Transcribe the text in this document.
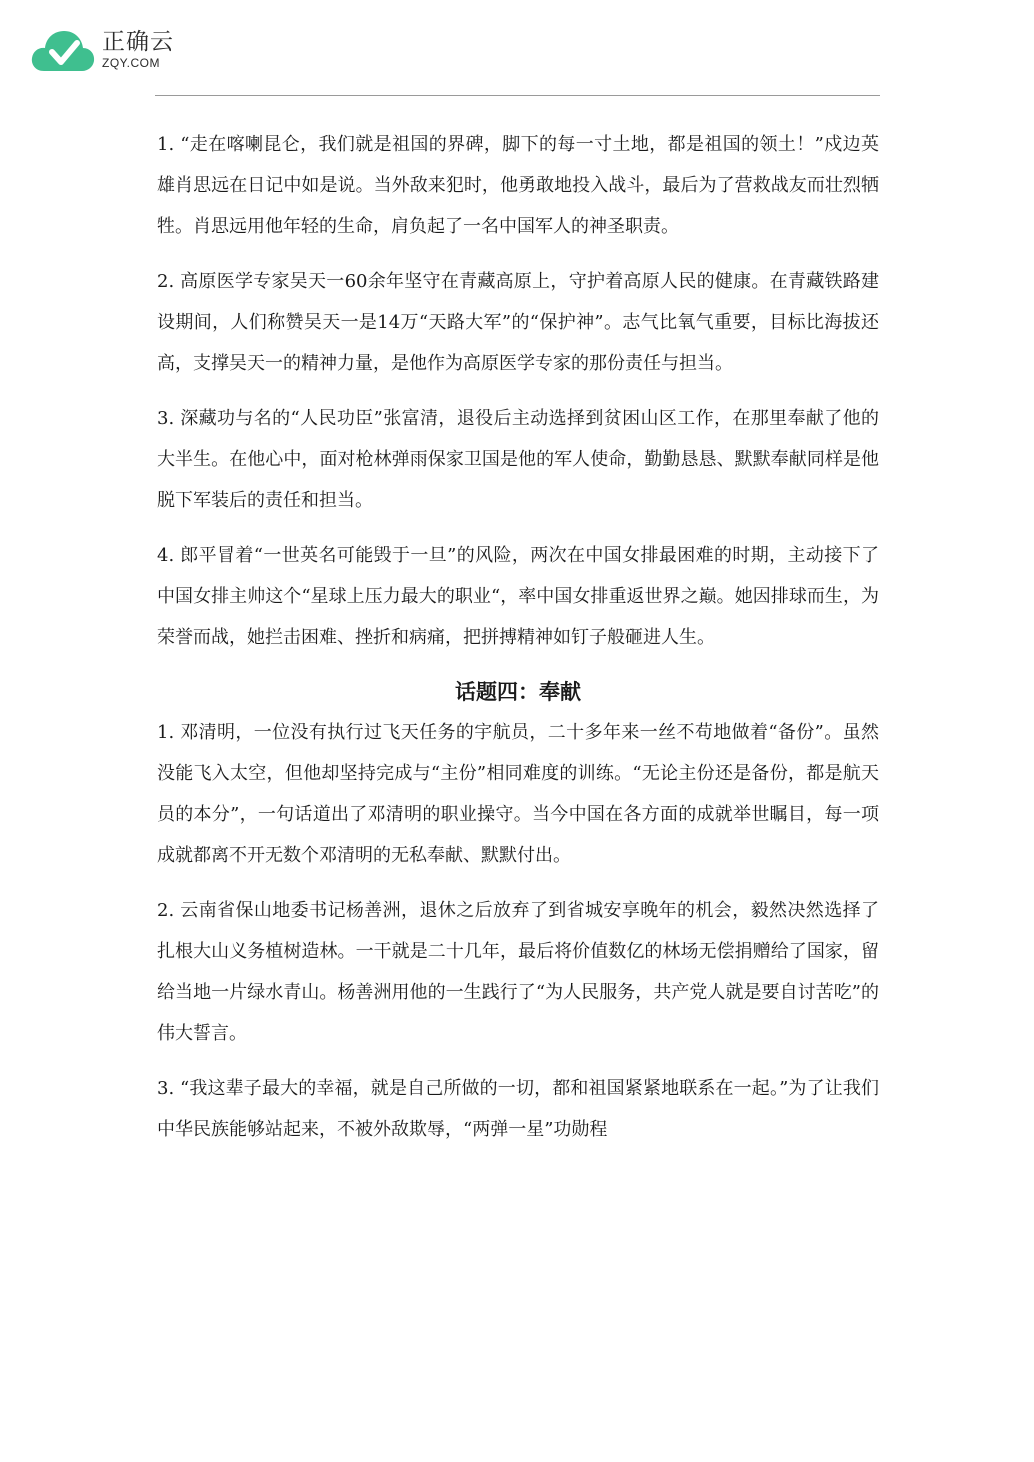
正确云
ZQY.COM

1. “走在喀喇昆仑，我们就是祖国的界碑，脚下的每一寸土地，都是祖国的领土！”戍边英雄肖思远在日记中如是说。当外敌来犯时，他勇敢地投入战斗，最后为了营救战友而壮烈牺牲。肖思远用他年轻的生命，肩负起了一名中国军人的神圣职责。

2. 高原医学专家吴天一60余年坚守在青藏高原上，守护着高原人民的健康。在青藏铁路建设期间，人们称赞吴天一是14万“天路大军”的“保护神”。志气比氧气重要，目标比海拔还高，支撑吴天一的精神力量，是他作为高原医学专家的那份责任与担当。

3. 深藏功与名的“人民功臣”张富清，退役后主动选择到贫困山区工作，在那里奉献了他的大半生。在他心中，面对枪林弹雨保家卫国是他的军人使命，勤勤恳恳、默默奉献同样是他脱下军装后的责任和担当。

4. 郎平冒着“一世英名可能毁于一旦”的风险，两次在中国女排最困难的时期，主动接下了中国女排主帅这个“星球上压力最大的职业“，率中国女排重返世界之巅。她因排球而生，为荣誉而战，她拦击困难、挫折和病痛，把拼搏精神如钉子般砸进人生。

话题四：奉献

1. 邓清明，一位没有执行过飞天任务的宇航员，二十多年来一丝不苟地做着“备份”。虽然没能飞入太空，但他却坚持完成与“主份”相同难度的训练。“无论主份还是备份，都是航天员的本分”，一句话道出了邓清明的职业操守。当今中国在各方面的成就举世瞩目，每一项成就都离不开无数个邓清明的无私奉献、默默付出。

2. 云南省保山地委书记杨善洲，退休之后放弃了到省城安享晚年的机会，毅然决然选择了扎根大山义务植树造林。一干就是二十几年，最后将价值数亿的林场无偿捐赠给了国家，留给当地一片绿水青山。杨善洲用他的一生践行了“为人民服务，共产党人就是要自讨苦吃”的伟大誓言。

3. “我这辈子最大的幸福，就是自己所做的一切，都和祖国紧紧地联系在一起。”为了让我们中华民族能够站起来，不被外敌欺辱，“两弹一星”功勋程
